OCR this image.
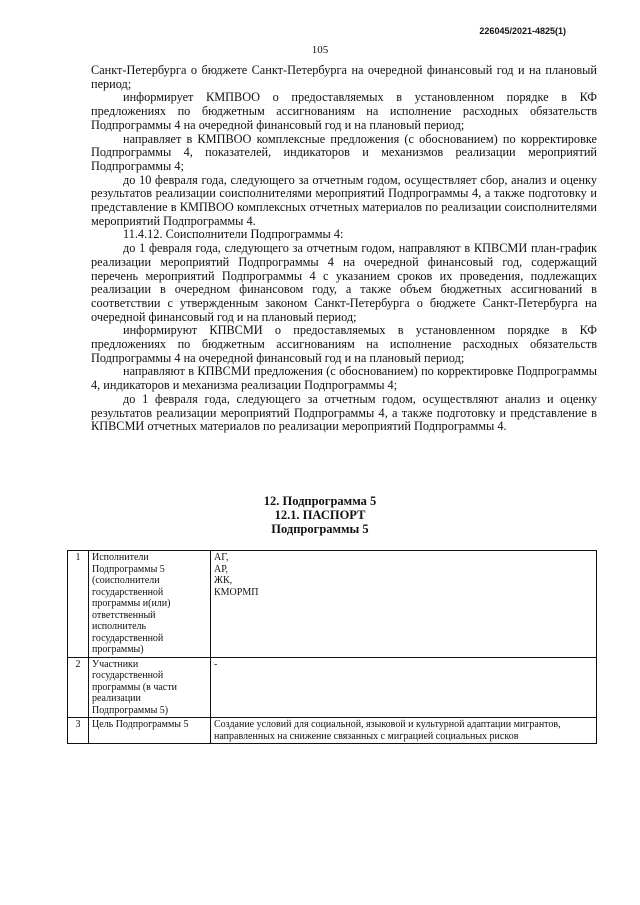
226045/2021-4825(1)
105

Санкт-Петербурга о бюджете Санкт-Петербурга на очередной финансовый год и на плановый период;

информирует КМПВОО о предоставляемых в установленном порядке в КФ предложениях по бюджетным ассигнованиям на исполнение расходных обязательств Подпрограммы 4 на очередной финансовый год и на плановый период;

направляет в КМПВОО комплексные предложения (с обоснованием) по корректировке Подпрограммы 4, показателей, индикаторов и механизмов реализации мероприятий Подпрограммы 4;

до 10 февраля года, следующего за отчетным годом, осуществляет сбор, анализ и оценку результатов реализации соисполнителями мероприятий Подпрограммы 4, а также подготовку и представление в КМПВОО комплексных отчетных материалов по реализации соисполнителями мероприятий Подпрограммы 4.

11.4.12. Соисполнители Подпрограммы 4:

до 1 февраля года, следующего за отчетным годом, направляют в КПВСМИ план-график реализации мероприятий Подпрограммы 4 на очередной финансовый год, содержащий перечень мероприятий Подпрограммы 4 с указанием сроков их проведения, подлежащих реализации в очередном финансовом году, а также объем бюджетных ассигнований в соответствии с утвержденным законом Санкт-Петербурга о бюджете Санкт-Петербурга на очередной финансовый год и на плановый период;

информируют КПВСМИ о предоставляемых в установленном порядке в КФ предложениях по бюджетным ассигнованиям на исполнение расходных обязательств Подпрограммы 4 на очередной финансовый год и на плановый период;

направляют в КПВСМИ предложения (с обоснованием) по корректировке Подпрограммы 4, индикаторов и механизма реализации Подпрограммы 4;

до 1 февраля года, следующего за отчетным годом, осуществляют анализ и оценку результатов реализации мероприятий Подпрограммы 4, а также подготовку и представление в КПВСМИ отчетных материалов по реализации мероприятий Подпрограммы 4.

12. Подпрограмма 5
12.1. ПАСПОРТ
Подпрограммы 5
1	Исполнители Подпрограммы 5 (соисполнители государственной программы и(или) ответственный исполнитель государственной программы)	АГ,
АР,
ЖК,
КМОРМП

2	Участники государственной программы (в части реализации Подпрограммы 5)	-

3	Цель Подпрограммы 5	Создание условий для социальной, языковой и культурной адаптации мигрантов, направленных на снижение связанных с миграцией социальных рисков
